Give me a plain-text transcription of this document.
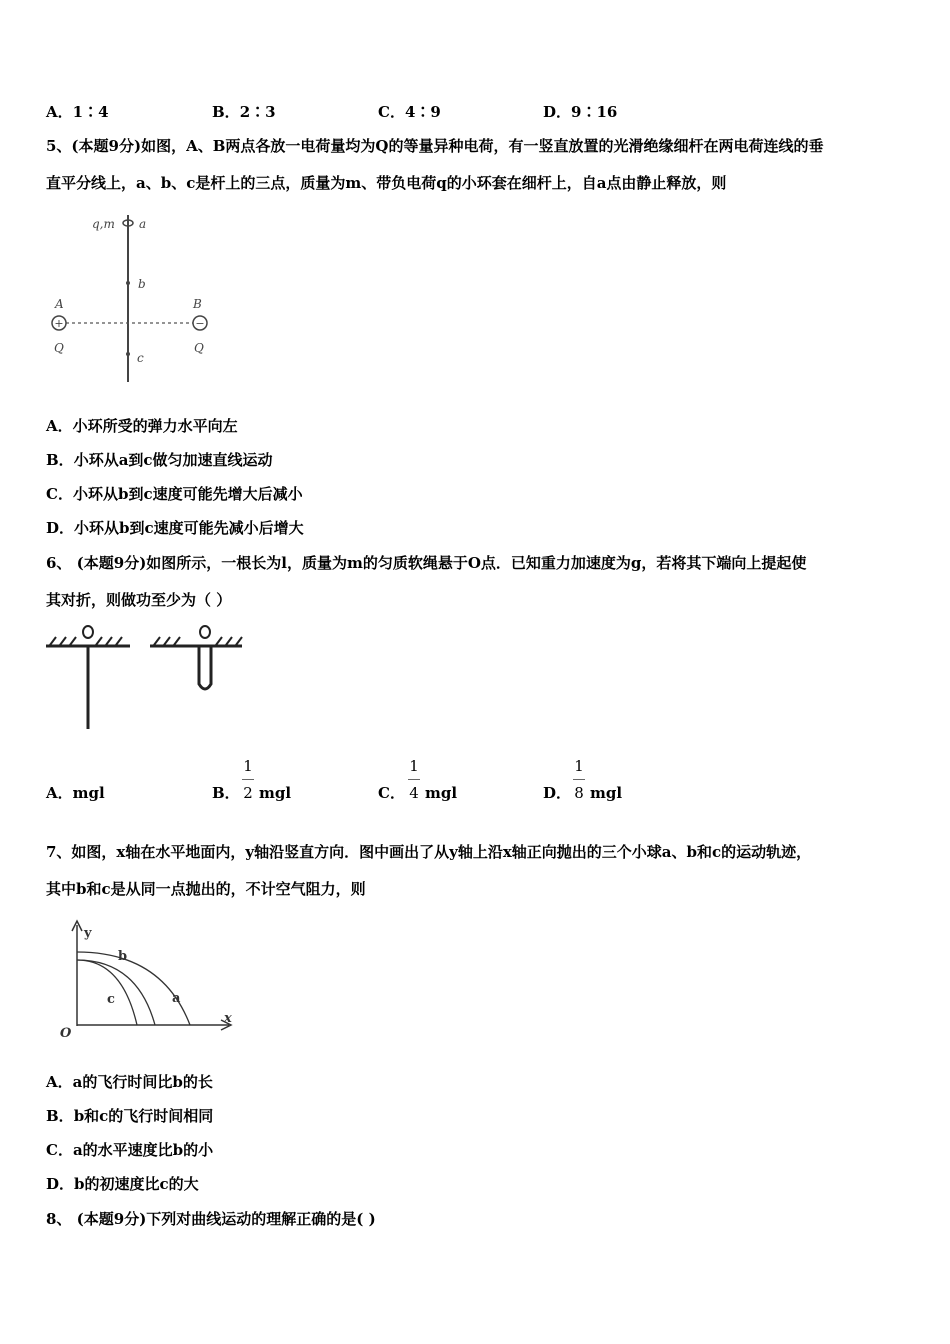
A．1∶4	B．2∶3	C．4∶9	D．9∶16
5、(本题9分)如图，A、B两点各放一电荷量均为Q的等量异种电荷，有一竖直放置的光滑绝缘细杆在两电荷连线的垂
直平分线上，a、b、c是杆上的三点，质量为m、带负电荷q的小环套在细杆上，自a点由静止释放，则
q,m a
b
+	−
A	B
Q	Q
c
A．小环所受的弹力水平向左
B．小环从a到c做匀加速直线运动
C．小环从b到c速度可能先增大后减小
D．小环从b到c速度可能先减小后增大
6、 (本题9分)如图所示，一根长为l，质量为m的匀质软绳悬于O点．已知重力加速度为g，若将其下端向上提起使
其对折，则做功至少为（ ）
A．mgl	B．
1
2 mgl	C．
1
4 mgl	D．
1
8 mgl
7、如图，x轴在水平地面内，y轴沿竖直方向．图中画出了从y轴上沿x轴正向抛出的三个小球a、b和c的运动轨迹，
其中b和c是从同一点抛出的，不计空气阻力，则
y
x
O
b
c	a
A．a的飞行时间比b的长
B．b和c的飞行时间相同
C．a的水平速度比b的小
D．b的初速度比c的大
8、 (本题9分)下列对曲线运动的理解正确的是( )
